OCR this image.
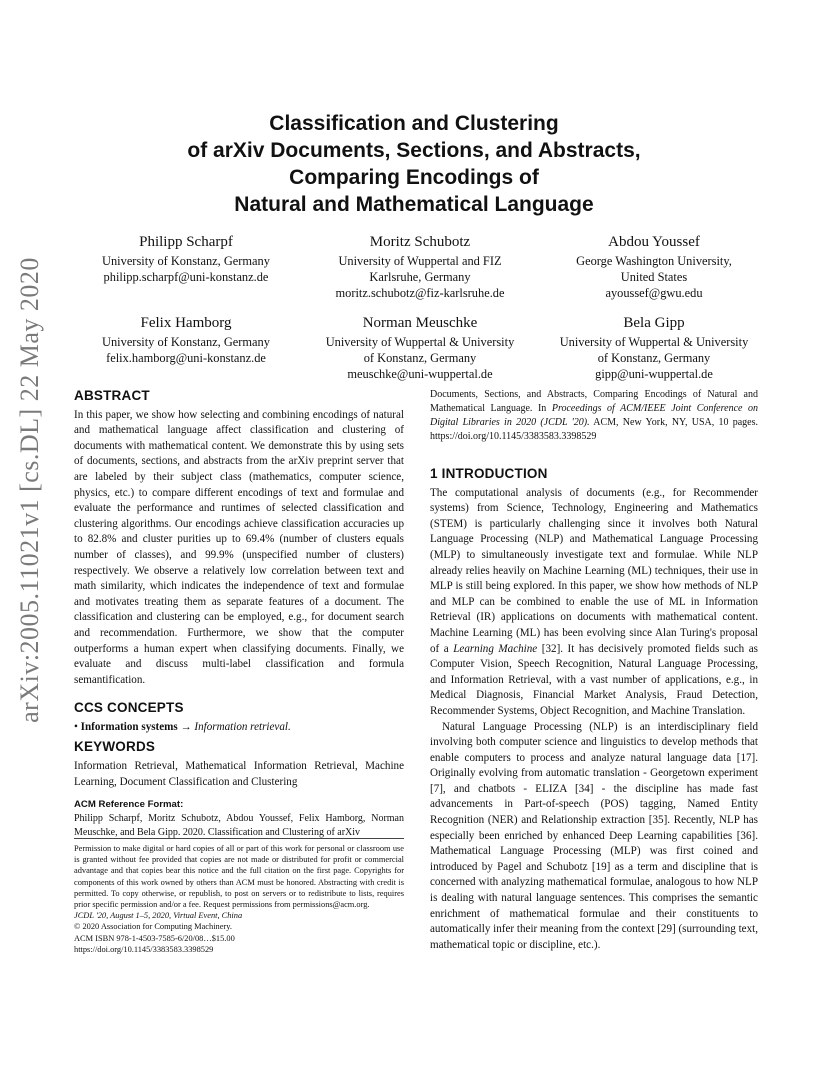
arXiv:2005.11021v1 [cs.DL] 22 May 2020
Classification and Clustering
of arXiv Documents, Sections, and Abstracts,
Comparing Encodings of
Natural and Mathematical Language
Philipp Scharpf
University of Konstanz, Germany
philipp.scharpf@uni-konstanz.de
Moritz Schubotz
University of Wuppertal and FIZ
Karlsruhe, Germany
moritz.schubotz@fiz-karlsruhe.de
Abdou Youssef
George Washington University,
United States
ayoussef@gwu.edu
Felix Hamborg
University of Konstanz, Germany
felix.hamborg@uni-konstanz.de
Norman Meuschke
University of Wuppertal & University
of Konstanz, Germany
meuschke@uni-wuppertal.de
Bela Gipp
University of Wuppertal & University
of Konstanz, Germany
gipp@uni-wuppertal.de
ABSTRACT

In this paper, we show how selecting and combining encodings of natural and mathematical language affect classification and clustering of documents with mathematical content. We demonstrate this by using sets of documents, sections, and abstracts from the arXiv preprint server that are labeled by their subject class (mathematics, computer science, physics, etc.) to compare different encodings of text and formulae and evaluate the performance and runtimes of selected classification and clustering algorithms. Our encodings achieve classification accuracies up to 82.8% and cluster purities up to 69.4% (number of clusters equals number of classes), and 99.9% (unspecified number of clusters) respectively. We observe a relatively low correlation between text and math similarity, which indicates the independence of text and formulae and motivates treating them as separate features of a document. The classification and clustering can be employed, e.g., for document search and recommendation. Furthermore, we show that the computer outperforms a human expert when classifying documents. Finally, we evaluate and discuss multi-label classification and formula semantification.

CCS CONCEPTS

• Information systems → Information retrieval.

KEYWORDS

Information Retrieval, Mathematical Information Retrieval, Machine Learning, Document Classification and Clustering

ACM Reference Format:

Philipp Scharpf, Moritz Schubotz, Abdou Youssef, Felix Hamborg, Norman Meuschke, and Bela Gipp. 2020. Classification and Clustering of arXiv

Permission to make digital or hard copies of all or part of this work for personal or classroom use is granted without fee provided that copies are not made or distributed for profit or commercial advantage and that copies bear this notice and the full citation on the first page. Copyrights for components of this work owned by others than ACM must be honored. Abstracting with credit is permitted. To copy otherwise, or republish, to post on servers or to redistribute to lists, requires prior specific permission and/or a fee. Request permissions from permissions@acm.org.
JCDL '20, August 1–5, 2020, Virtual Event, China
© 2020 Association for Computing Machinery.
ACM ISBN 978-1-4503-7585-6/20/08…$15.00
https://doi.org/10.1145/3383583.3398529

Documents, Sections, and Abstracts, Comparing Encodings of Natural and Mathematical Language. In Proceedings of ACM/IEEE Joint Conference on Digital Libraries in 2020 (JCDL '20). ACM, New York, NY, USA, 10 pages. https://doi.org/10.1145/3383583.3398529

1 INTRODUCTION

The computational analysis of documents (e.g., for Recommender systems) from Science, Technology, Engineering and Mathematics (STEM) is particularly challenging since it involves both Natural Language Processing (NLP) and Mathematical Language Processing (MLP) to simultaneously investigate text and formulae. While NLP already relies heavily on Machine Learning (ML) techniques, their use in MLP is still being explored. In this paper, we show how methods of NLP and MLP can be combined to enable the use of ML in Information Retrieval (IR) applications on documents with mathematical content. Machine Learning (ML) has been evolving since Alan Turing's proposal of a Learning Machine [32]. It has decisively promoted fields such as Computer Vision, Speech Recognition, Natural Language Processing, and Information Retrieval, with a vast number of applications, e.g., in Medical Diagnosis, Financial Market Analysis, Fraud Detection, Recommender Systems, Object Recognition, and Machine Translation.

Natural Language Processing (NLP) is an interdisciplinary field involving both computer science and linguistics to develop methods that enable computers to process and analyze natural language data [17]. Originally evolving from automatic translation - Georgetown experiment [7], and chatbots - ELIZA [34] - the discipline has made fast advancements in Part-of-speech (POS) tagging, Named Entity Recognition (NER) and Relationship extraction [35]. Recently, NLP has especially been enriched by enhanced Deep Learning capabilities [36]. Mathematical Language Processing (MLP) was first coined and introduced by Pagel and Schubotz [19] as a term and discipline that is concerned with analyzing mathematical formulae, analogous to how NLP is dealing with natural language sentences. This comprises the semantic enrichment of mathematical formulae and their constituents to automatically infer their meaning from the context [29] (surrounding text, mathematical topic or discipline, etc.).
